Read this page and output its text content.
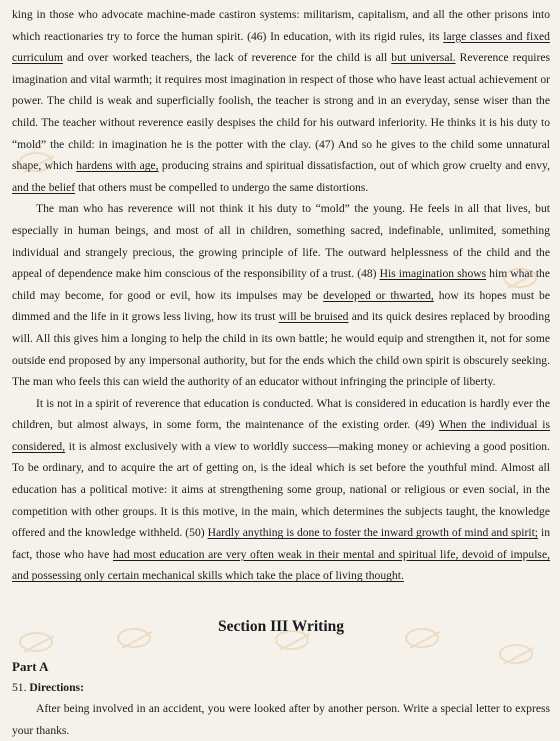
king in those who advocate machine-made castiron systems: militarism, capitalism, and all the other prisons into which reactionaries try to force the human spirit. (46) In education, with its rigid rules, its large classes and fixed curriculum and over worked teachers, the lack of reverence for the child is all but universal. Reverence requires imagination and vital warmth; it requires most imagination in respect of those who have least actual achievement or power. The child is weak and superficially foolish, the teacher is strong and in an everyday, sense wiser than the child. The teacher without reverence easily despises the child for his outward inferiority. He thinks it is his duty to “mold” the child: in imagination he is the potter with the clay. (47) And so he gives to the child some unnatural shape, which hardens with age, producing strains and spiritual dissatisfaction, out of which grow cruelty and envy, and the belief that others must be compelled to undergo the same distortions.

The man who has reverence will not think it his duty to “mold” the young. He feels in all that lives, but especially in human beings, and most of all in children, something sacred, indefinable, unlimited, something individual and strangely precious, the growing principle of life. The outward helplessness of the child and the appeal of dependence make him conscious of the responsibility of a trust. (48) His imagination shows him what the child may become, for good or evil, how its impulses may be developed or thwarted, how its hopes must be dimmed and the life in it grows less living, how its trust will be bruised and its quick desires replaced by brooding will. All this gives him a longing to help the child in its own battle; he would equip and strengthen it, not for some outside end proposed by any impersonal authority, but for the ends which the child own spirit is obscurely seeking. The man who feels this can wield the authority of an educator without infringing the principle of liberty.

It is not in a spirit of reverence that education is conducted. What is considered in education is hardly ever the children, but almost always, in some form, the maintenance of the existing order. (49) When the individual is considered, it is almost exclusively with a view to worldly success—making money or achieving a good position. To be ordinary, and to acquire the art of getting on, is the ideal which is set before the youthful mind. Almost all education has a political motive: it aims at strengthening some group, national or religious or even social, in the competition with other groups. It is this motive, in the main, which determines the subjects taught, the knowledge offered and the knowledge withheld. (50) Hardly anything is done to foster the inward growth of mind and spirit; in fact, those who have had most education are very often weak in their mental and spiritual life, devoid of impulse, and possessing only certain mechanical skills which take the place of living thought.

Section III Writing
Part A

51. Directions:

After being involved in an accident, you were looked after by another person. Write a special letter to express your thanks.
